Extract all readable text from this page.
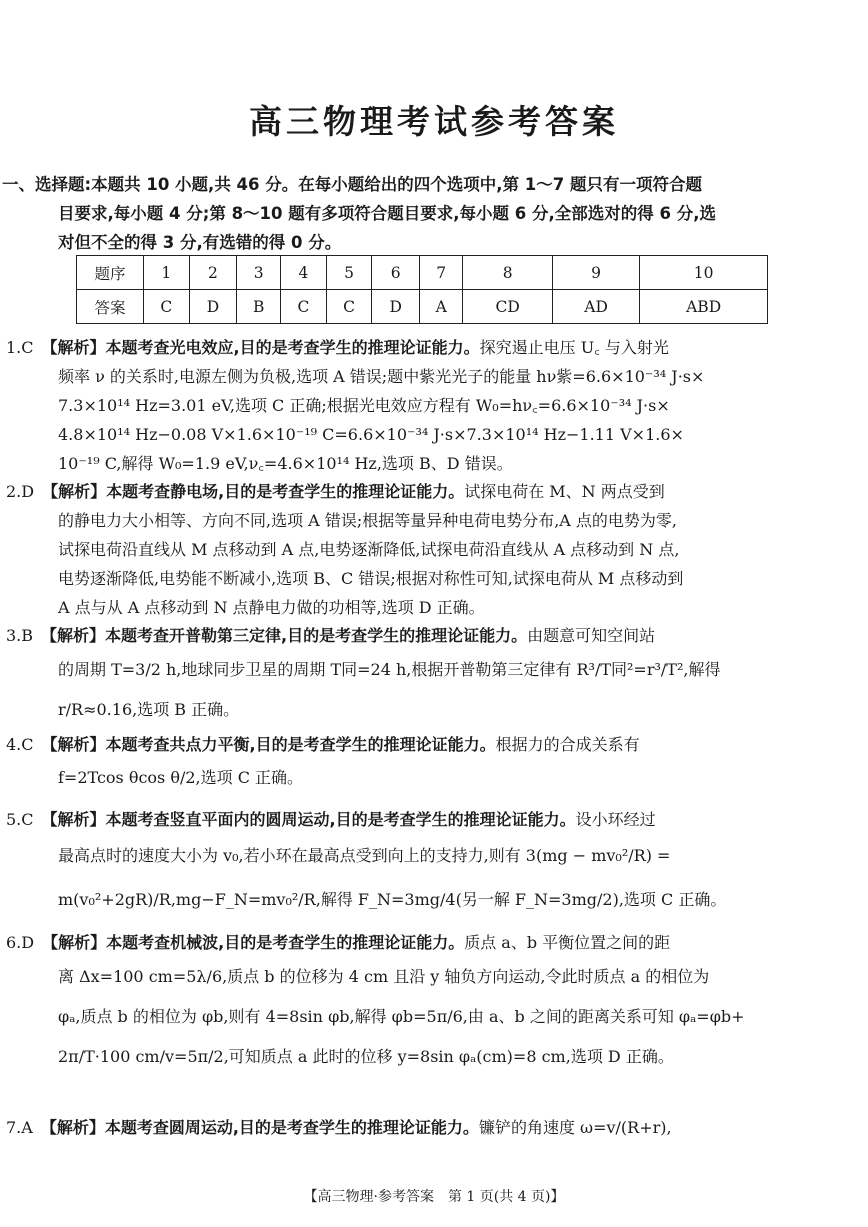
高三物理考试参考答案
一、选择题:本题共 10 小题,共 46 分。在每小题给出的四个选项中,第 1～7 题只有一项符合题
目要求,每小题 4 分;第 8～10 题有多项符合题目要求,每小题 6 分,全部选对的得 6 分,选
对但不全的得 3 分,有选错的得 0 分。
题序	1	2	3	4	5	6	7	8	9	10
答案	C	D	B	C	C	D	A	CD	AD	ABD
1.C　 【解析】本题考查光电效应,目的是考查学生的推理论证能力。探究遏止电压 U꜀ 与入射光
频率 ν 的关系时,电源左侧为负极,选项 A 错误;题中紫光光子的能量 hν紫=6.6×10⁻³⁴ J·s×
7.3×10¹⁴ Hz=3.01 eV,选项 C 正确;根据光电效应方程有 W₀=hν꜀=6.6×10⁻³⁴ J·s×
4.8×10¹⁴ Hz−0.08 V×1.6×10⁻¹⁹ C=6.6×10⁻³⁴ J·s×7.3×10¹⁴ Hz−1.11 V×1.6×
10⁻¹⁹ C,解得 W₀=1.9 eV,ν꜀=4.6×10¹⁴ Hz,选项 B、D 错误。
2.D　 【解析】本题考查静电场,目的是考查学生的推理论证能力。试探电荷在 M、N 两点受到
的静电力大小相等、方向不同,选项 A 错误;根据等量异种电荷电势分布,A 点的电势为零,
试探电荷沿直线从 M 点移动到 A 点,电势逐渐降低,试探电荷沿直线从 A 点移动到 N 点,
电势逐渐降低,电势能不断减小,选项 B、C 错误;根据对称性可知,试探电荷从 M 点移动到
A 点与从 A 点移动到 N 点静电力做的功相等,选项 D 正确。
3.B　 【解析】本题考查开普勒第三定律,目的是考查学生的推理论证能力。由题意可知空间站
的周期 T=3/2 h,地球同步卫星的周期 T同=24 h,根据开普勒第三定律有 R³/T同²=r³/T²,解得
r/R≈0.16,选项 B 正确。
4.C　 【解析】本题考查共点力平衡,目的是考查学生的推理论证能力。根据力的合成关系有
f=2Tcos θcos θ/2,选项 C 正确。
5.C　 【解析】本题考查竖直平面内的圆周运动,目的是考查学生的推理论证能力。设小环经过
最高点时的速度大小为 v₀,若小环在最高点受到向上的支持力,则有 3(mg − mv₀²/R) =
m(v₀²+2gR)/R,mg−F_N=mv₀²/R,解得 F_N=3mg/4(另一解 F_N=3mg/2),选项 C 正确。
6.D　 【解析】本题考查机械波,目的是考查学生的推理论证能力。质点 a、b 平衡位置之间的距
离 Δx=100 cm=5λ/6,质点 b 的位移为 4 cm 且沿 y 轴负方向运动,令此时质点 a 的相位为
φₐ,质点 b 的相位为 φb,则有 4=8sin φb,解得 φb=5π/6,由 a、b 之间的距离关系可知 φₐ=φb+
2π/T·100 cm/v=5π/2,可知质点 a 此时的位移 y=8sin φₐ(cm)=8 cm,选项 D 正确。
7.A　 【解析】本题考查圆周运动,目的是考查学生的推理论证能力。镰铲的角速度 ω=v/(R+r),
【高三物理·参考答案　第 1 页(共 4 页)】
